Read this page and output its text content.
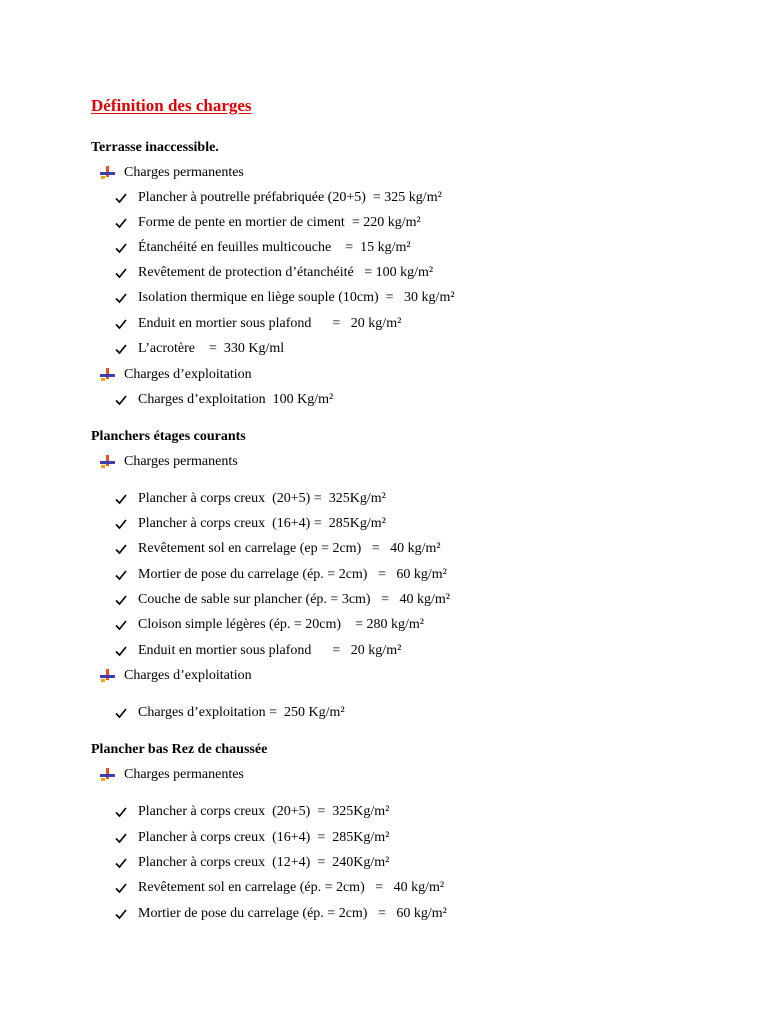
Définition des charges
Terrasse inaccessible.
Charges permanentes
Plancher à poutrelle préfabriquée (20+5)  = 325 kg/m²
Forme de pente en mortier de ciment  = 220 kg/m²
Étanchéité en feuilles multicouche    =  15 kg/m²
Revêtement de protection d’étanchéité   = 100 kg/m²
Isolation thermique en liège souple (10cm)  =   30 kg/m²
Enduit en mortier sous plafond      =   20 kg/m²
L’acrotère    =  330 Kg/ml
Charges d’exploitation
Charges d’exploitation  100 Kg/m²
Planchers étages courants
Charges permanents
Plancher à corps creux  (20+5) =  325Kg/m²
Plancher à corps creux  (16+4) =  285Kg/m²
Revêtement sol en carrelage (ep = 2cm)   =   40 kg/m²
Mortier de pose du carrelage (ép. = 2cm)   =   60 kg/m²
Couche de sable sur plancher (ép. = 3cm)   =   40 kg/m²
Cloison simple légères (ép. = 20cm)    = 280 kg/m²
Enduit en mortier sous plafond      =   20 kg/m²
Charges d’exploitation
Charges d’exploitation =  250 Kg/m²
Plancher bas Rez de chaussée
Charges permanentes
Plancher à corps creux  (20+5)  =  325Kg/m²
Plancher à corps creux  (16+4)  =  285Kg/m²
Plancher à corps creux  (12+4)  =  240Kg/m²
Revêtement sol en carrelage (ép. = 2cm)   =   40 kg/m²
Mortier de pose du carrelage (ép. = 2cm)   =   60 kg/m²
